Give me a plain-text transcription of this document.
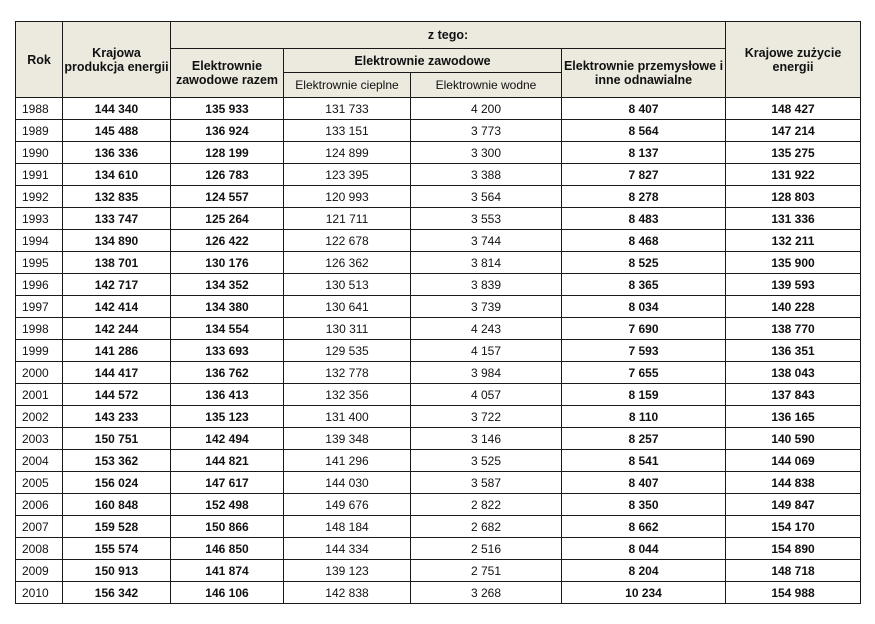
Rok	Krajowa produkcja energii	z tego:				Krajowe zużycie energii
		Elektrownie zawodowe razem	Elektrownie zawodowe		Elektrownie przemysłowe i inne odnawialne	
			Elektrownie cieplne	Elektrownie wodne		
1988	144 340	135 933	131 733	4 200	8 407	148 427
1989	145 488	136 924	133 151	3 773	8 564	147 214
1990	136 336	128 199	124 899	3 300	8 137	135 275
1991	134 610	126 783	123 395	3 388	7 827	131 922
1992	132 835	124 557	120 993	3 564	8 278	128 803
1993	133 747	125 264	121 711	3 553	8 483	131 336
1994	134 890	126 422	122 678	3 744	8 468	132 211
1995	138 701	130 176	126 362	3 814	8 525	135 900
1996	142 717	134 352	130 513	3 839	8 365	139 593
1997	142 414	134 380	130 641	3 739	8 034	140 228
1998	142 244	134 554	130 311	4 243	7 690	138 770
1999	141 286	133 693	129 535	4 157	7 593	136 351
2000	144 417	136 762	132 778	3 984	7 655	138 043
2001	144 572	136 413	132 356	4 057	8 159	137 843
2002	143 233	135 123	131 400	3 722	8 110	136 165
2003	150 751	142 494	139 348	3 146	8 257	140 590
2004	153 362	144 821	141 296	3 525	8 541	144 069
2005	156 024	147 617	144 030	3 587	8 407	144 838
2006	160 848	152 498	149 676	2 822	8 350	149 847
2007	159 528	150 866	148 184	2 682	8 662	154 170
2008	155 574	146 850	144 334	2 516	8 044	154 890
2009	150 913	141 874	139 123	2 751	8 204	148 718
2010	156 342	146 106	142 838	3 268	10 234	154 988
